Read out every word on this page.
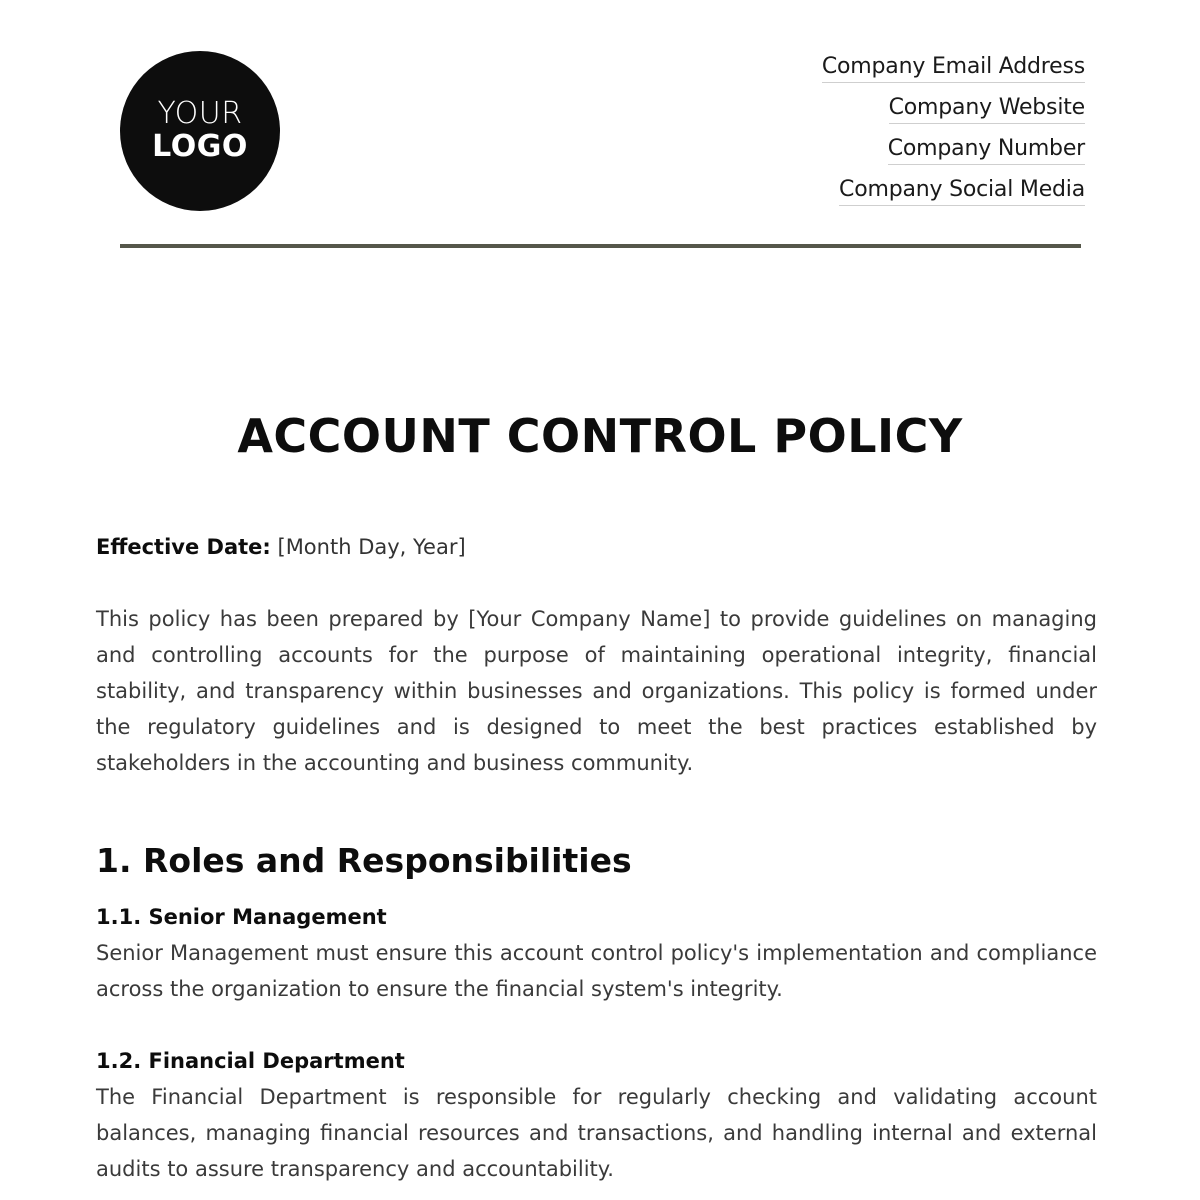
YOUR
LOGO
Company Email Address
Company Website
Company Number
Company Social Media
ACCOUNT CONTROL POLICY

Effective Date: [Month Day, Year]

This policy has been prepared by [Your Company Name] to provide guidelines on managing and controlling accounts for the purpose of maintaining operational integrity, financial stability, and transparency within businesses and organizations. This policy is formed under the regulatory guidelines and is designed to meet the best practices established by stakeholders in the accounting and business community.

1. Roles and Responsibilities
1.1. Senior Management

Senior Management must ensure this account control policy's implementation and compliance across the organization to ensure the financial system's integrity.

1.2. Financial Department

The Financial Department is responsible for regularly checking and validating account balances, managing financial resources and transactions, and handling internal and external audits to assure transparency and accountability.
